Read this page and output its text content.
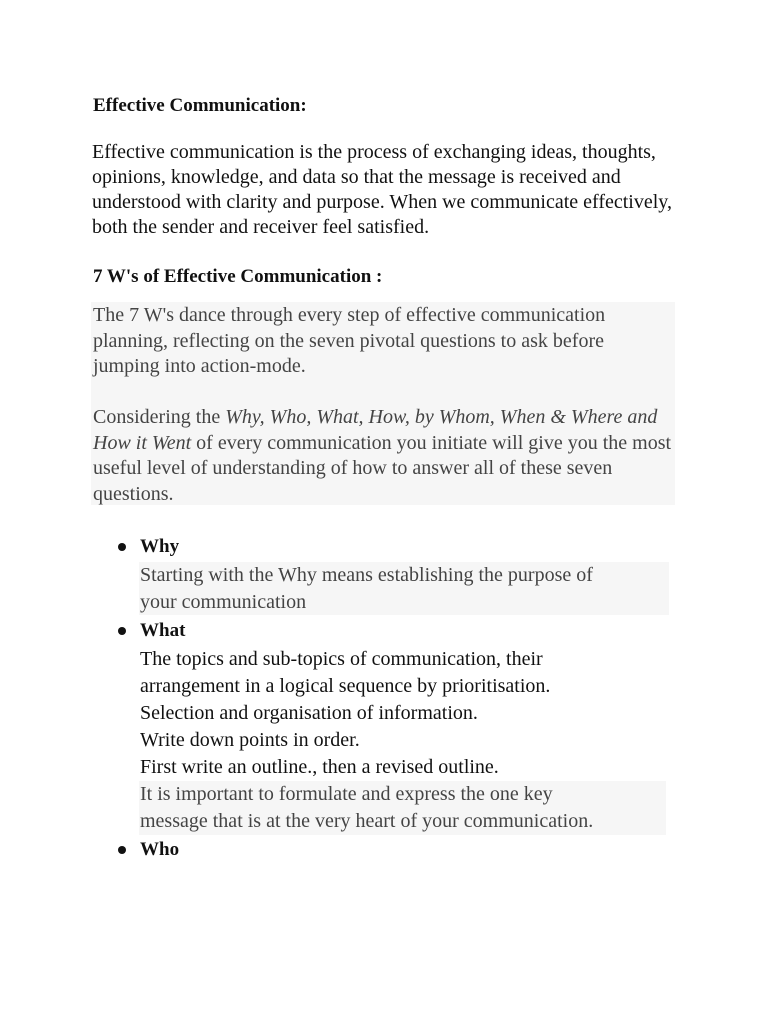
Effective Communication:

Effective communication is the process of exchanging ideas, thoughts, opinions, knowledge, and data so that the message is received and understood with clarity and purpose. When we communicate effectively, both the sender and receiver feel satisfied.

7 W's of Effective Communication :

The 7 W's dance through every step of effective communication planning, reflecting on the seven pivotal questions to ask before jumping into action-mode.

Considering the Why, Who, What, How, by Whom, When & Where and How it Went of every communication you initiate will give you the most useful level of understanding of how to answer all of these seven questions.

Why

Starting with the Why means establishing the purpose of

your communication

What

The topics and sub-topics of communication, their

arrangement in a logical sequence by prioritisation.

Selection and organisation of information.

Write down points in order.

First write an outline., then a revised outline.

It is important to formulate and express the one key

message that is at the very heart of your communication.

Who
